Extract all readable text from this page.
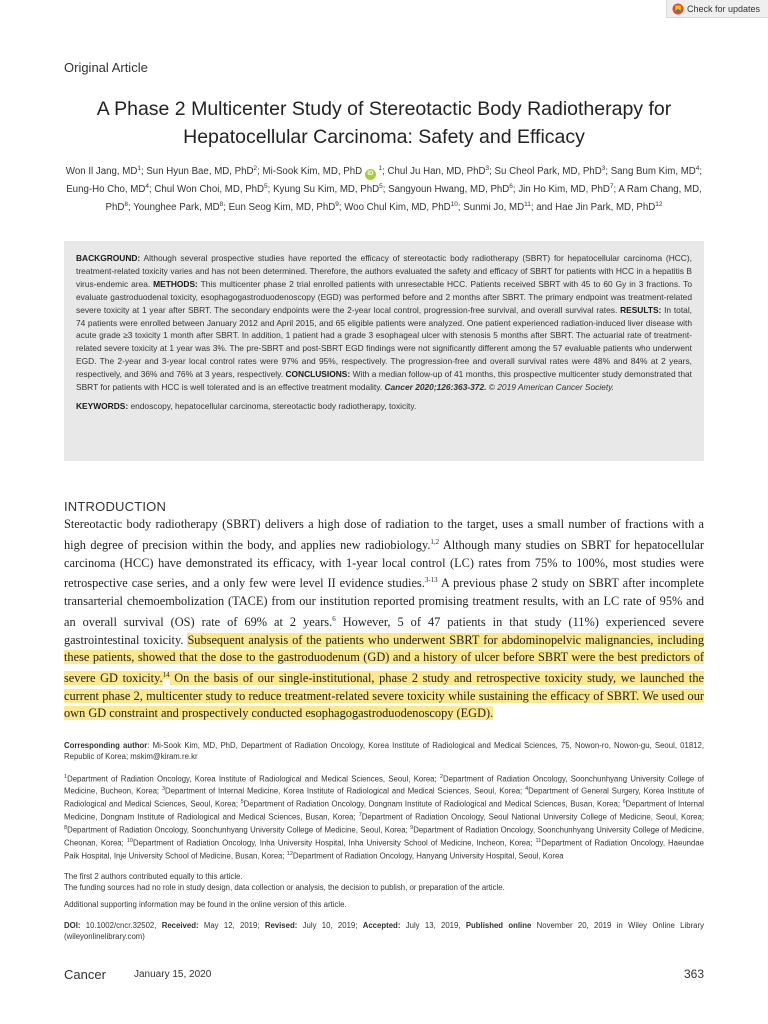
Check for updates
Original Article
A Phase 2 Multicenter Study of Stereotactic Body Radiotherapy for Hepatocellular Carcinoma: Safety and Efficacy
Won Il Jang, $MD^1$; Sun Hyun Bae, MD, PhD$^2$; Mi-Sook Kim, MD, PhD iD $^1$; Chul Ju Han, MD, PhD$^3$; Su Cheol Park, MD, PhD$^3$; Sang Bum Kim, $MD^4$; Eung-Ho Cho, $MD^4$; Chul Won Choi, MD, PhD$^5$; Kyung Su Kim, MD, PhD$^5$; Sangyoun Hwang, MD, PhD$^6$; Jin Ho Kim, MD, PhD$^7$; A Ram Chang, MD, PhD$^8$; Younghee Park, $MD^8$; Eun Seog Kim, MD, PhD$^9$; Woo Chul Kim, MD, PhD$^{10}$; Sunmi Jo, MD$^{11}$; and Hae Jin Park, MD, PhD$^{12}$

BACKGROUND: Although several prospective studies have reported the efficacy of stereotactic body radiotherapy (SBRT) for hepatocellular carcinoma (HCC), treatment-related toxicity varies and has not been determined. Therefore, the authors evaluated the safety and efficacy of SBRT for patients with HCC in a hepatitis B virus-endemic area. METHODS: This multicenter phase 2 trial enrolled patients with unresectable HCC. Patients received SBRT with 45 to 60 Gy in 3 fractions. To evaluate gastroduodenal toxicity, esophagogastroduodenoscopy (EGD) was performed before and 2 months after SBRT. The primary endpoint was treatment-related severe toxicity at 1 year after SBRT. The secondary endpoints were the 2-year local control, progression-free survival, and overall survival rates. RESULTS: In total, 74 patients were enrolled between January 2012 and April 2015, and 65 eligible patients were analyzed. One patient experienced radiation-induced liver disease with acute grade ≥3 toxicity 1 month after SBRT. In addition, 1 patient had a grade 3 esophageal ulcer with stenosis 5 months after SBRT. The actuarial rate of treatment-related severe toxicity at 1 year was 3%. The pre-SBRT and post-SBRT EGD findings were not significantly different among the 57 evaluable patients who underwent EGD. The 2-year and 3-year local control rates were 97% and 95%, respectively. The progression-free and overall survival rates were 48% and 84% at 2 years, respectively, and 36% and 76% at 3 years, respectively. CONCLUSIONS: With a median follow-up of 41 months, this prospective multicenter study demonstrated that SBRT for patients with HCC is well tolerated and is an effective treatment modality. Cancer 2020;126:363-372. © 2019 American Cancer Society.

KEYWORDS: endoscopy, hepatocellular carcinoma, stereotactic body radiotherapy, toxicity.

INTRODUCTION

Stereotactic body radiotherapy (SBRT) delivers a high dose of radiation to the target, uses a small number of fractions with a high degree of precision within the body, and applies new radiobiology.$^{1,2}$ Although many studies on SBRT for hepatocellular carcinoma (HCC) have demonstrated its efficacy, with 1-year local control (LC) rates from 75% to 100%, most studies were retrospective case series, and a only few were level II evidence studies.$^{3-13}$ A previous phase 2 study on SBRT after incomplete transarterial chemoembolization (TACE) from our institution reported promising treatment results, with an LC rate of 95% and an overall survival (OS) rate of 69% at 2 years.$^6$ However, 5 of 47 patients in that study (11%) experienced severe gastrointestinal toxicity. Subsequent analysis of the patients who underwent SBRT for abdominopelvic malignancies, including these patients, showed that the dose to the gastroduodenum (GD) and a history of ulcer before SBRT were the best predictors of severe GD toxicity.$^{14}$ On the basis of our single-institutional, phase 2 study and retrospective toxicity study, we launched the current phase 2, multicenter study to reduce treatment-related severe toxicity while sustaining the efficacy of SBRT. We used our own GD constraint and prospectively conducted esophagogastroduodenoscopy (EGD).

Corresponding author: Mi-Sook Kim, MD, PhD, Department of Radiation Oncology, Korea Institute of Radiological and Medical Sciences, 75, Nowon-ro, Nowon-gu, Seoul, 01812, Republic of Korea; mskim@kiram.re.kr

$^1$Department of Radiation Oncology, Korea Institute of Radiological and Medical Sciences, Seoul, Korea; $^2$Department of Radiation Oncology, Soonchunhyang University College of Medicine, Bucheon, Korea; $^3$Department of Internal Medicine, Korea Institute of Radiological and Medical Sciences, Seoul, Korea; $^4$Department of General Surgery, Korea Institute of Radiological and Medical Sciences, Seoul, Korea; $^5$Department of Radiation Oncology, Dongnam Institute of Radiological and Medical Sciences, Busan, Korea; $^6$Department of Internal Medicine, Dongnam Institute of Radiological and Medical Sciences, Busan, Korea; $^7$Department of Radiation Oncology, Seoul National University College of Medicine, Seoul, Korea; $^8$Department of Radiation Oncology, Soonchunhyang University College of Medicine, Seoul, Korea; $^9$Department of Radiation Oncology, Soonchunhyang University College of Medicine, Cheonan, Korea; $^{10}$Department of Radiation Oncology, Inha University Hospital, Inha University School of Medicine, Incheon, Korea; $^{11}$Department of Radiation Oncology, Haeundae Paik Hospital, Inje University School of Medicine, Busan, Korea; $^{12}$Department of Radiation Oncology, Hanyang University Hospital, Seoul, Korea

The first 2 authors contributed equally to this article.

The funding sources had no role in study design, data collection or analysis, the decision to publish, or preparation of the article.

Additional supporting information may be found in the online version of this article.

DOI: 10.1002/cncr.32502, Received: May 12, 2019; Revised: July 10, 2019; Accepted: July 13, 2019, Published online November 20, 2019 in Wiley Online Library (wileyonlinelibrary.com)

Cancer	January 15, 2020	363
